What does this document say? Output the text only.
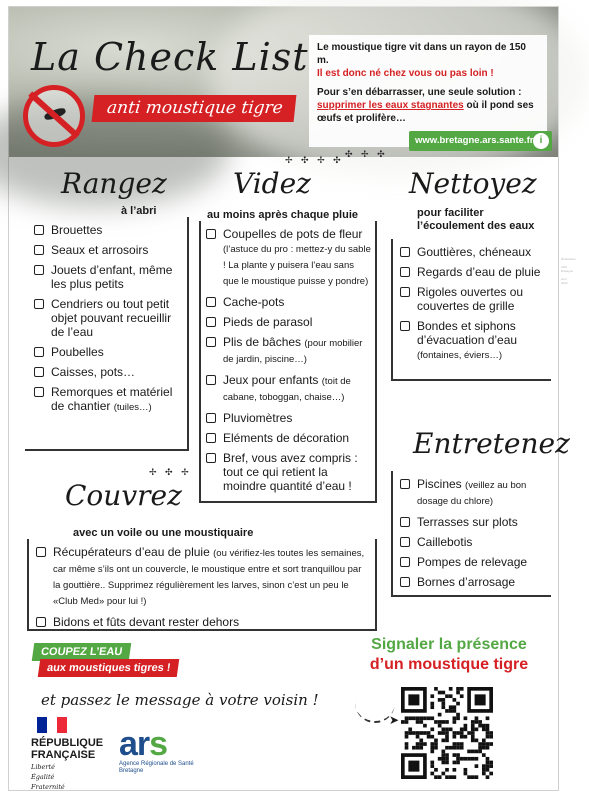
La Check List
anti moustique tigre

Le moustique tigre vit dans un rayon de 150 m.
Il est donc né chez vous ou pas loin !

Pour s’en débarrasser, une seule solution :
supprimer les eaux stagnantes où il pond ses œufs et prolifère…

www.bretagne.ars.sante.fr i
Réalisation : ARS Bretagne - avril 2022
Rangez
à l’abri
Brouettes
Seaux et arrosoirs
Jouets d’enfant, même les plus petits
Cendriers ou tout petit objet pouvant recueillir de l’eau
Poubelles
Caisses, pots…
Remorques et matériel de chantier (tuiles…)
Videz
✢ ✣ ✢ ✣
au moins après chaque pluie
Coupelles de pots de fleur (l’astuce du pro : mettez-y du sable ! La plante y puisera l’eau sans que le moustique puisse y pondre)
Cache-pots
Pieds de parasol
Plis de bâches (pour mobilier de jardin, piscine…)
Jeux pour enfants (toit de cabane, toboggan, chaise…)
Pluviomètres
Eléments de décoration
Bref, vous avez compris : tout ce qui retient la moindre quantité d’eau !
Nettoyez
✣ ✢ ✣
pour faciliter l’écoulement des eaux
Gouttières, chéneaux
Regards d’eau de pluie
Rigoles ouvertes ou couvertes de grille
Bondes et siphons d’évacuation d’eau (fontaines, éviers…)
Entretenez
Piscines (veillez au bon dosage du chlore)
Terrasses sur plots
Caillebotis
Pompes de relevage
Bornes d’arrosage
Couvrez
✢ ✣ ✢
avec un voile ou une moustiquaire
Récupérateurs d’eau de pluie (ou vérifiez-les toutes les semaines, car même s’ils ont un couvercle, le moustique entre et sort tranquillou par la gouttière.. Supprimez régulièrement les larves, sinon c’est un peu le «Club Med» pour lui !)
Bidons et fûts devant rester dehors
COUPEZ L’EAU
aux moustiques tigres !
et passez le message à votre voisin !
RÉPUBLIQUE
FRANÇAISE
Liberté
Égalité
Fraternité
ars
Agence Régionale de Santé
Bretagne
Signaler la présence
d’un moustique tigre
➤
